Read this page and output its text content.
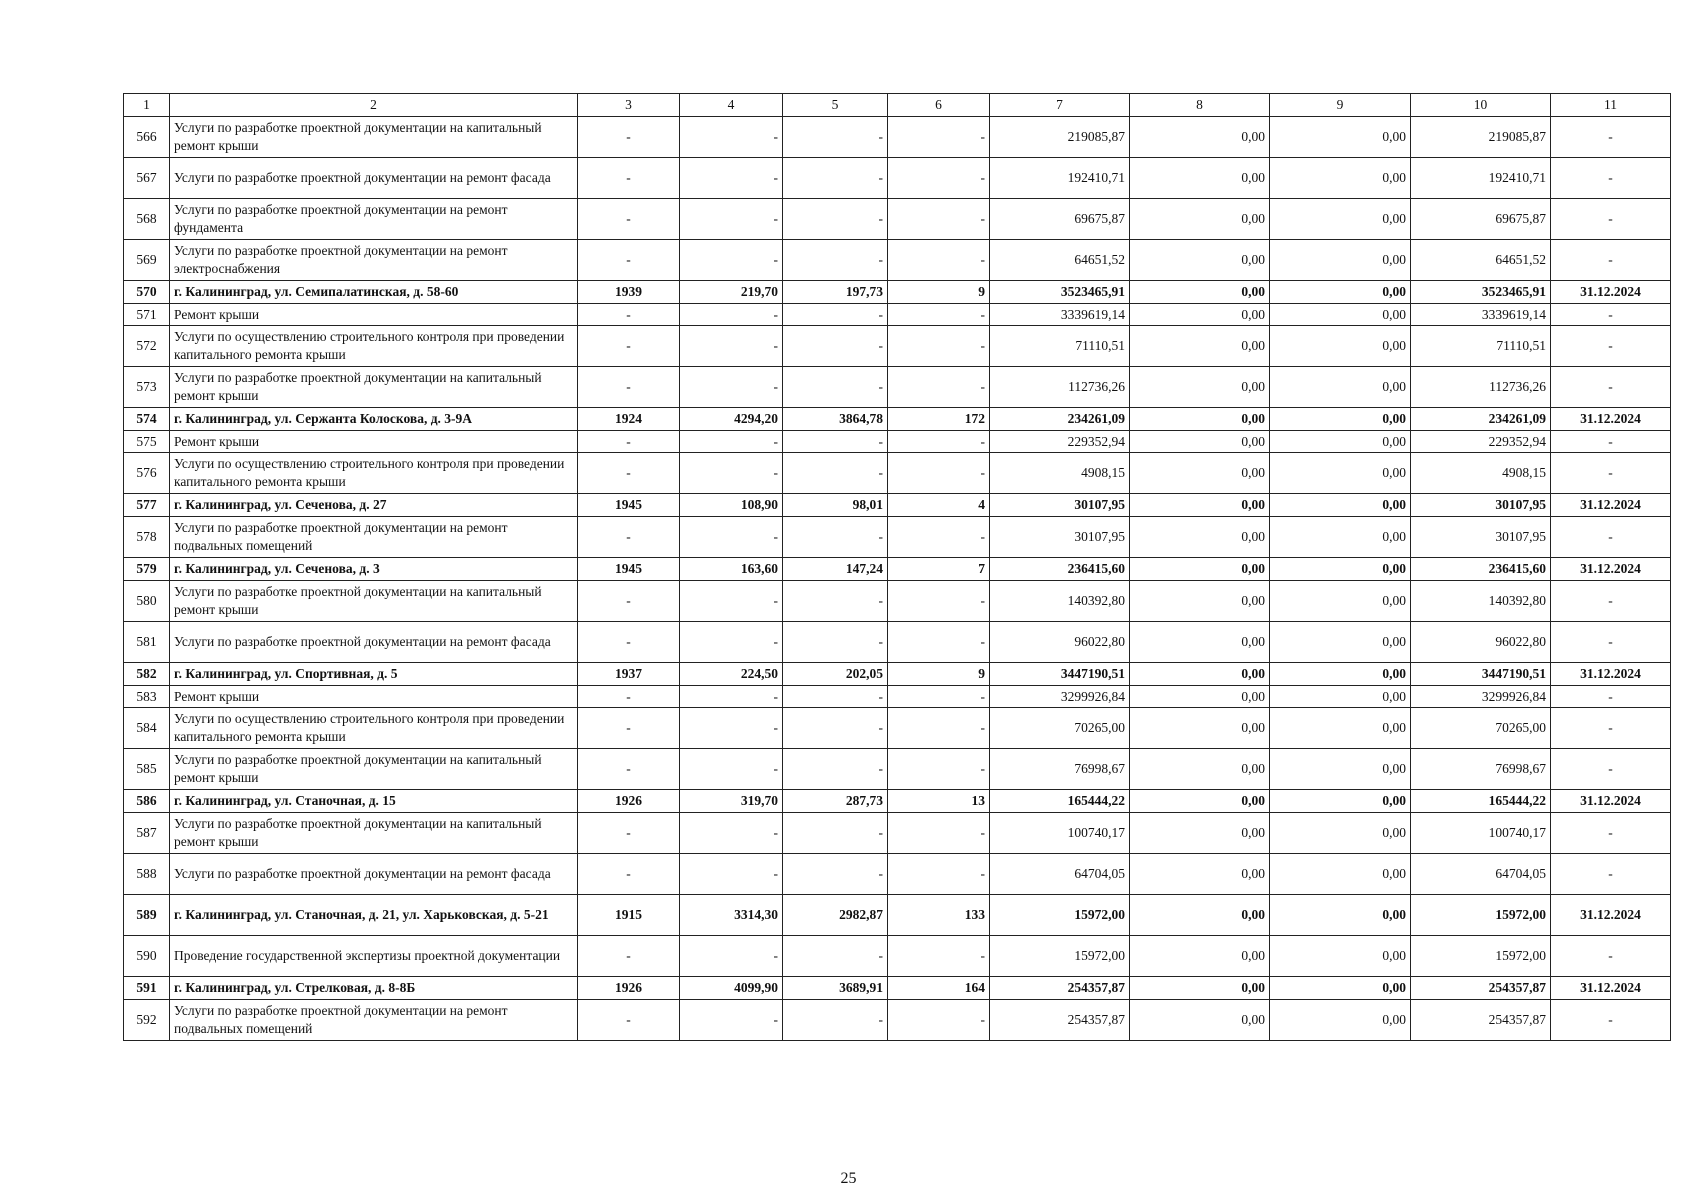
1	2	3	4	5	6	7	8	9	10	11
566	Услуги по разработке проектной документации на капитальный ремонт крыши	-	-	-	-	219085,87	0,00	0,00	219085,87	-
567	Услуги по разработке проектной документации на ремонт фасада	-	-	-	-	192410,71	0,00	0,00	192410,71	-
568	Услуги по разработке проектной документации на ремонт фундамента	-	-	-	-	69675,87	0,00	0,00	69675,87	-
569	Услуги по разработке проектной документации на ремонт электроснабжения	-	-	-	-	64651,52	0,00	0,00	64651,52	-
570	г. Калининград, ул. Семипалатинская, д. 58-60	1939	219,70	197,73	9	3523465,91	0,00	0,00	3523465,91	31.12.2024
571	Ремонт крыши	-	-	-	-	3339619,14	0,00	0,00	3339619,14	-
572	Услуги по осуществлению строительного контроля при проведении капитального ремонта крыши	-	-	-	-	71110,51	0,00	0,00	71110,51	-
573	Услуги по разработке проектной документации на капитальный ремонт крыши	-	-	-	-	112736,26	0,00	0,00	112736,26	-
574	г. Калининград, ул. Сержанта Колоскова, д. 3-9А	1924	4294,20	3864,78	172	234261,09	0,00	0,00	234261,09	31.12.2024
575	Ремонт крыши	-	-	-	-	229352,94	0,00	0,00	229352,94	-
576	Услуги по осуществлению строительного контроля при проведении капитального ремонта крыши	-	-	-	-	4908,15	0,00	0,00	4908,15	-
577	г. Калининград, ул. Сеченова, д. 27	1945	108,90	98,01	4	30107,95	0,00	0,00	30107,95	31.12.2024
578	Услуги по разработке проектной документации на ремонт подвальных помещений	-	-	-	-	30107,95	0,00	0,00	30107,95	-
579	г. Калининград, ул. Сеченова, д. 3	1945	163,60	147,24	7	236415,60	0,00	0,00	236415,60	31.12.2024
580	Услуги по разработке проектной документации на капитальный ремонт крыши	-	-	-	-	140392,80	0,00	0,00	140392,80	-
581	Услуги по разработке проектной документации на ремонт фасада	-	-	-	-	96022,80	0,00	0,00	96022,80	-
582	г. Калининград, ул. Спортивная, д. 5	1937	224,50	202,05	9	3447190,51	0,00	0,00	3447190,51	31.12.2024
583	Ремонт крыши	-	-	-	-	3299926,84	0,00	0,00	3299926,84	-
584	Услуги по осуществлению строительного контроля при проведении капитального ремонта крыши	-	-	-	-	70265,00	0,00	0,00	70265,00	-
585	Услуги по разработке проектной документации на капитальный ремонт крыши	-	-	-	-	76998,67	0,00	0,00	76998,67	-
586	г. Калининград, ул. Станочная, д. 15	1926	319,70	287,73	13	165444,22	0,00	0,00	165444,22	31.12.2024
587	Услуги по разработке проектной документации на капитальный ремонт крыши	-	-	-	-	100740,17	0,00	0,00	100740,17	-
588	Услуги по разработке проектной документации на ремонт фасада	-	-	-	-	64704,05	0,00	0,00	64704,05	-
589	г. Калининград, ул. Станочная, д. 21, ул. Харьковская, д. 5-21	1915	3314,30	2982,87	133	15972,00	0,00	0,00	15972,00	31.12.2024
590	Проведение государственной экспертизы проектной документации	-	-	-	-	15972,00	0,00	0,00	15972,00	-
591	г. Калининград, ул. Стрелковая, д. 8-8Б	1926	4099,90	3689,91	164	254357,87	0,00	0,00	254357,87	31.12.2024
592	Услуги по разработке проектной документации на ремонт подвальных помещений	-	-	-	-	254357,87	0,00	0,00	254357,87	-
25
